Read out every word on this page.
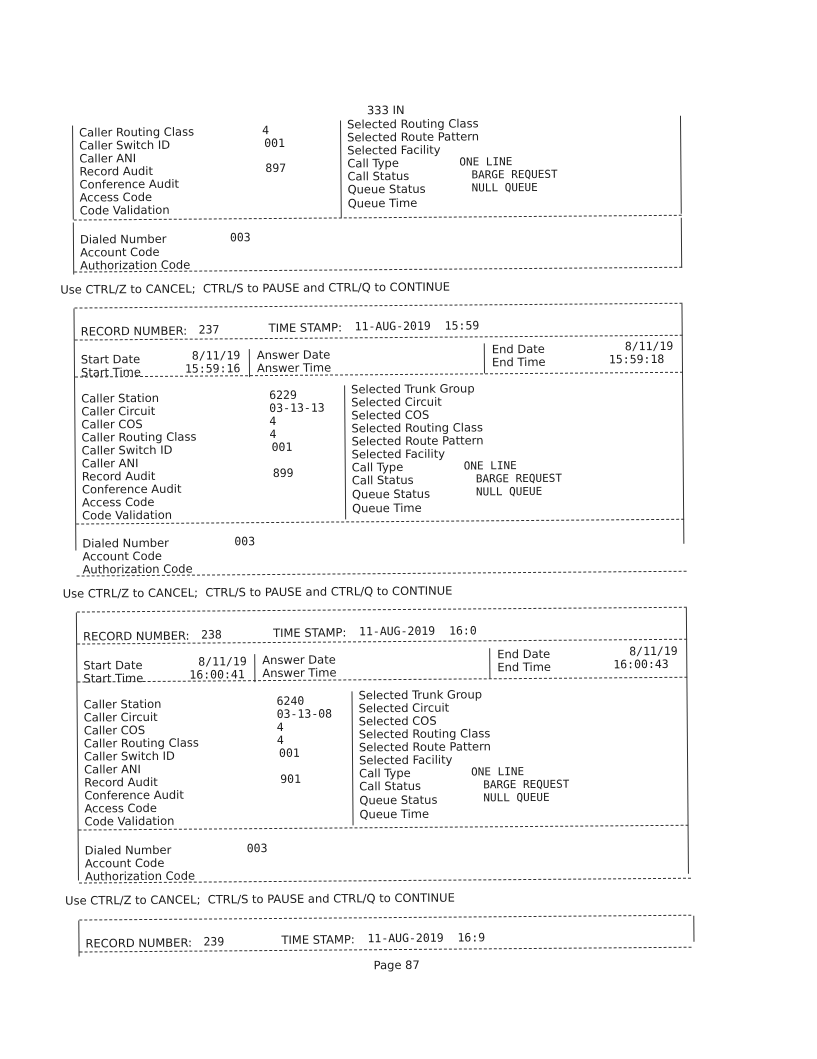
333 IN
Caller Routing Class	4
Caller Switch ID	001
Caller ANI
Record Audit	897
Conference Audit
Access Code
Code Validation
Selected Routing Class
Selected Route Pattern
Selected Facility
Call Type	ONE LINE
Call Status	BARGE REQUEST
Queue Status	NULL QUEUE
Queue Time
Dialed Number	003
Account Code
Authorization Code
Use CTRL/Z to CANCEL;  CTRL/S to PAUSE and CTRL/Q to CONTINUE
RECORD NUMBER: 237	TIME STAMP: 11-AUG-2019  15:59
Start Date	8/11/19
Start Time	15:59:16
Answer Date
Answer Time
End Date	8/11/19
End Time	15:59:18
Caller Station	6229
Caller Circuit	03-13-13
Caller COS	4
Caller Routing Class	4
Caller Switch ID	001
Caller ANI
Record Audit	899
Conference Audit
Access Code
Code Validation
Selected Trunk Group
Selected Circuit
Selected COS
Selected Routing Class
Selected Route Pattern
Selected Facility
Call Type	ONE LINE
Call Status	BARGE REQUEST
Queue Status	NULL QUEUE
Queue Time
Dialed Number	003
Account Code
Authorization Code
Use CTRL/Z to CANCEL;  CTRL/S to PAUSE and CTRL/Q to CONTINUE
RECORD NUMBER: 238	TIME STAMP: 11-AUG-2019  16:0
Start Date	8/11/19
Start Time	16:00:41
Answer Date
Answer Time
End Date	8/11/19
End Time	16:00:43
Caller Station	6240
Caller Circuit	03-13-08
Caller COS	4
Caller Routing Class	4
Caller Switch ID	001
Caller ANI
Record Audit	901
Conference Audit
Access Code
Code Validation
Selected Trunk Group
Selected Circuit
Selected COS
Selected Routing Class
Selected Route Pattern
Selected Facility
Call Type	ONE LINE
Call Status	BARGE REQUEST
Queue Status	NULL QUEUE
Queue Time
Dialed Number	003
Account Code
Authorization Code
Use CTRL/Z to CANCEL;  CTRL/S to PAUSE and CTRL/Q to CONTINUE
RECORD NUMBER: 239	TIME STAMP: 11-AUG-2019  16:9
Page 87
